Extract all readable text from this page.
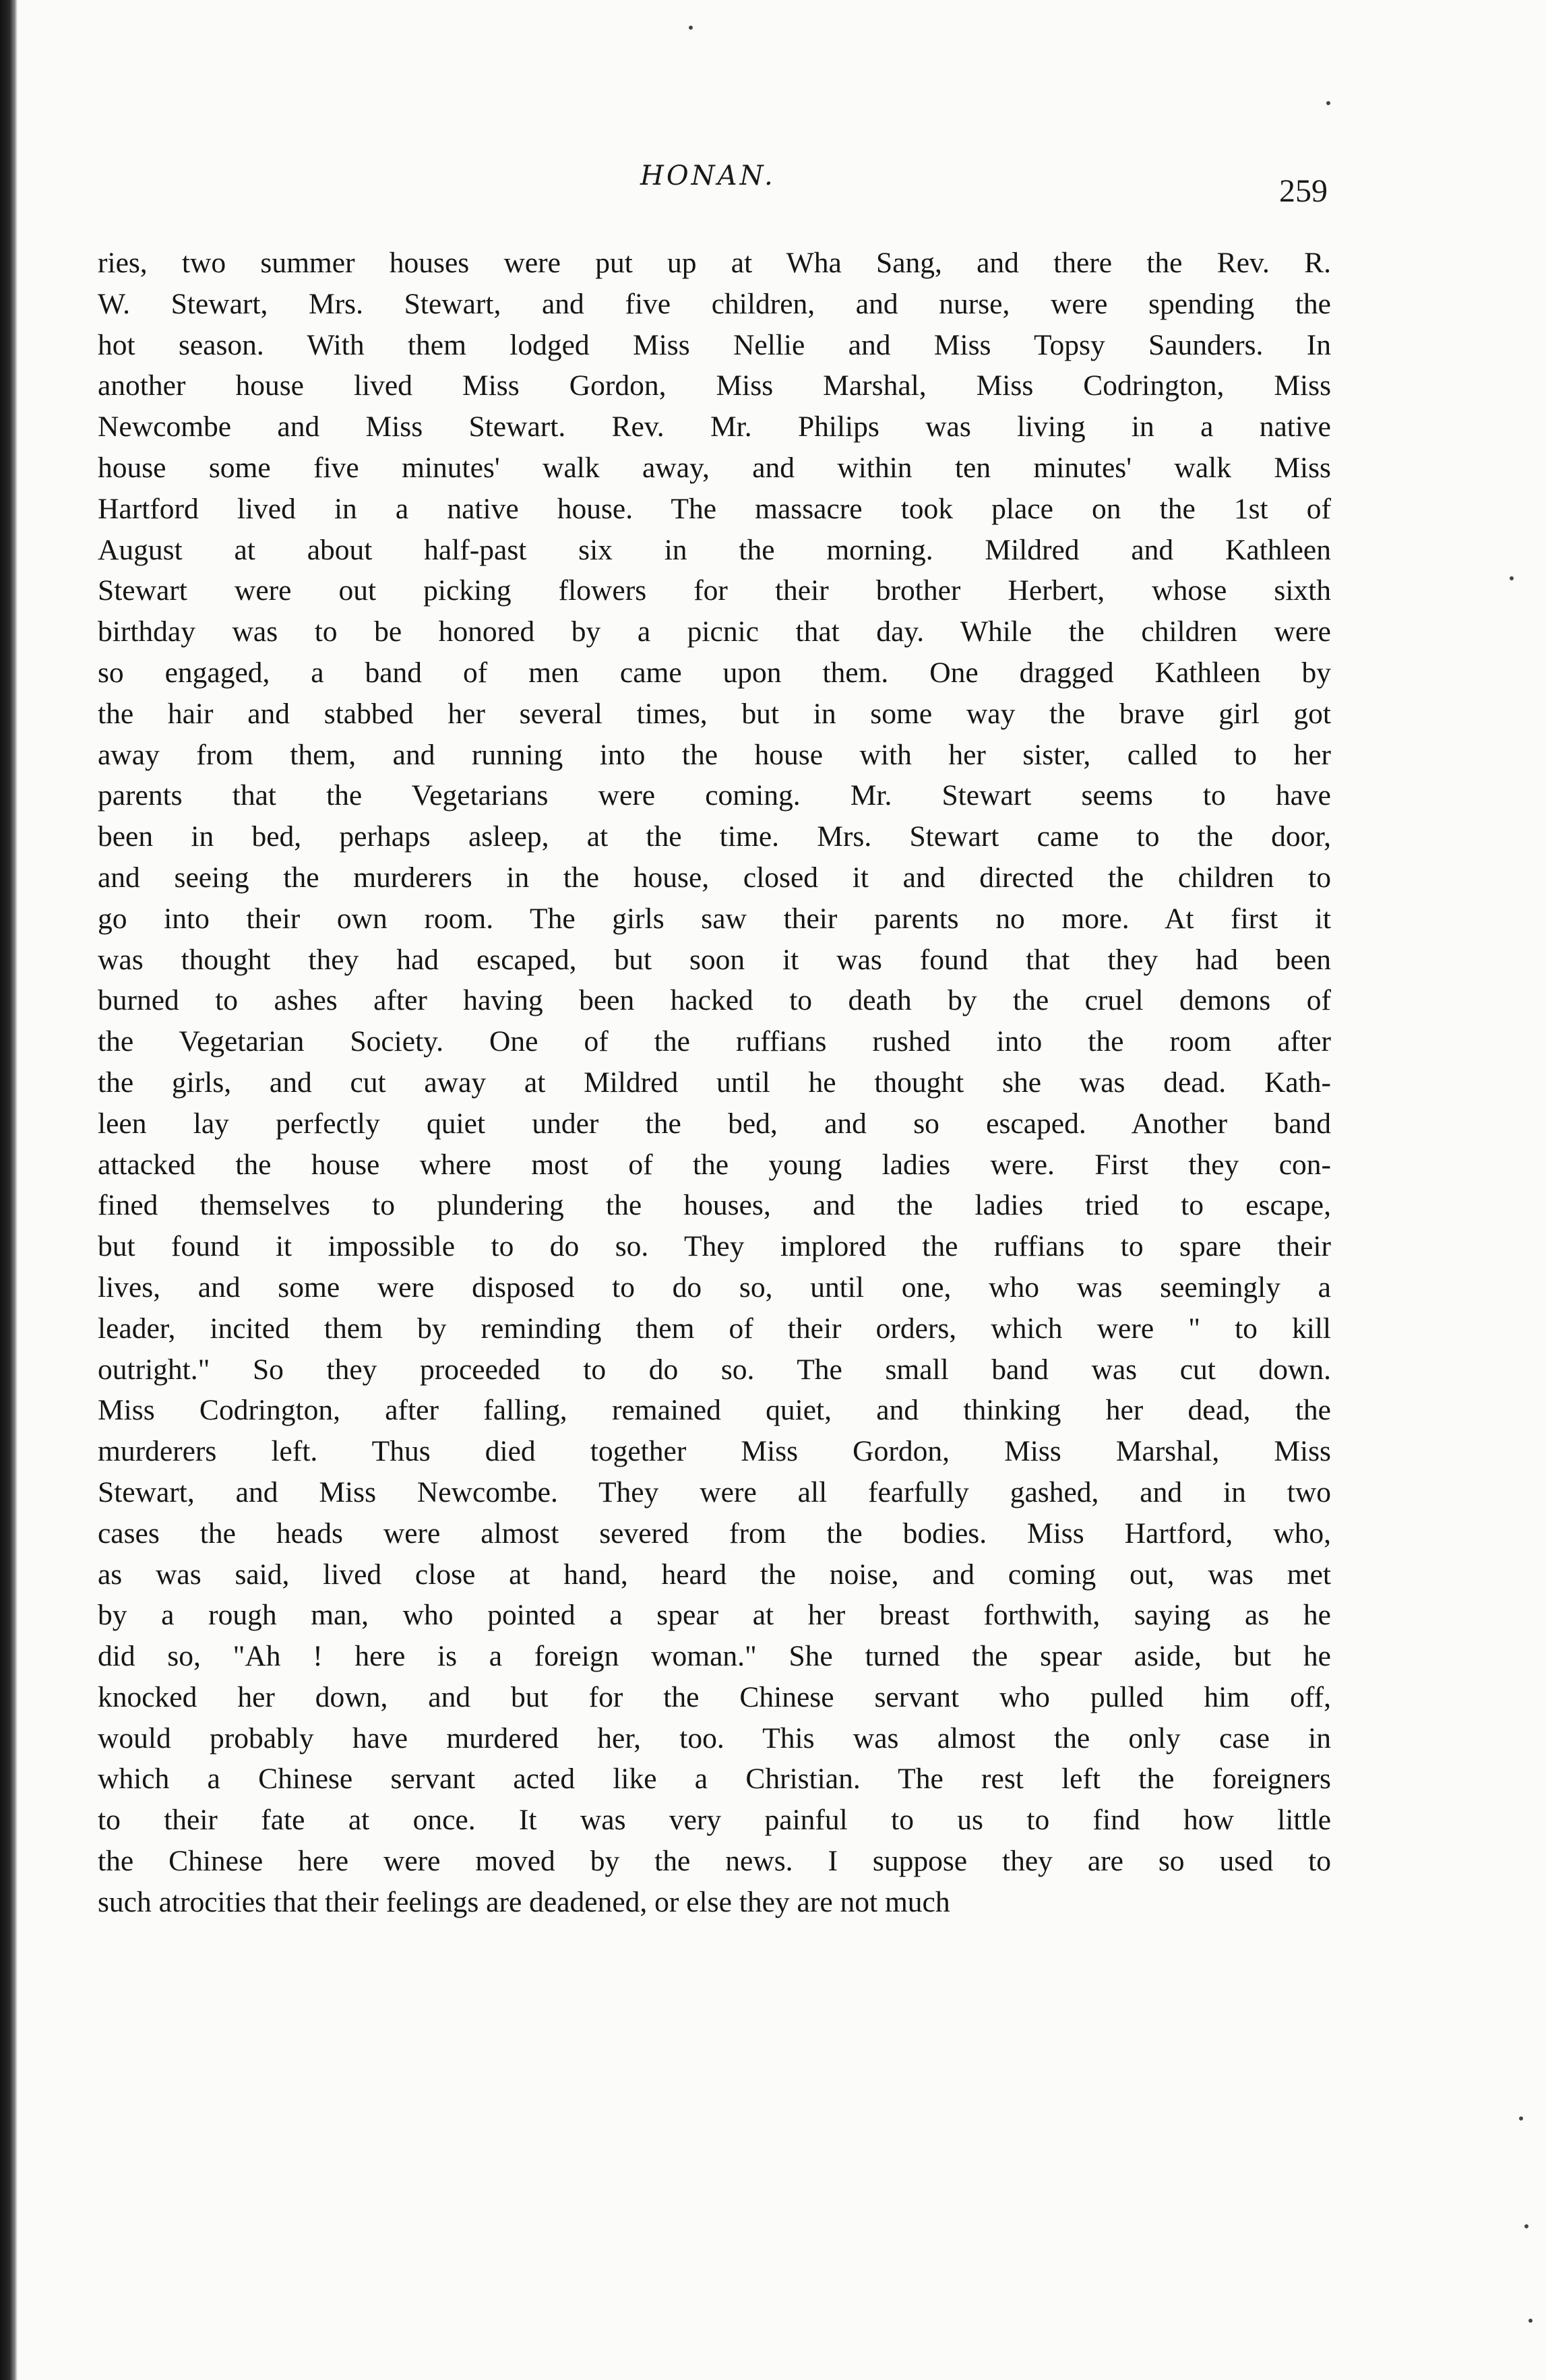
HONAN.	259
ries, two summer houses were put up at Wha Sang, and there the Rev. R.
W. Stewart, Mrs. Stewart, and five children, and nurse, were spending the
hot season. With them lodged Miss Nellie and Miss Topsy Saunders. In
another house lived Miss Gordon, Miss Marshal, Miss Codrington, Miss
Newcombe and Miss Stewart. Rev. Mr. Philips was living in a native
house some five minutes' walk away, and within ten minutes' walk Miss
Hartford lived in a native house. The massacre took place on the 1st of
August at about half-past six in the morning. Mildred and Kathleen
Stewart were out picking flowers for their brother Herbert, whose sixth
birthday was to be honored by a picnic that day. While the children were
so engaged, a band of men came upon them. One dragged Kathleen by
the hair and stabbed her several times, but in some way the brave girl got
away from them, and running into the house with her sister, called to her
parents that the Vegetarians were coming. Mr. Stewart seems to have
been in bed, perhaps asleep, at the time. Mrs. Stewart came to the door,
and seeing the murderers in the house, closed it and directed the children to
go into their own room. The girls saw their parents no more. At first it
was thought they had escaped, but soon it was found that they had been
burned to ashes after having been hacked to death by the cruel demons of
the Vegetarian Society. One of the ruffians rushed into the room after
the girls, and cut away at Mildred until he thought she was dead. Kath-
leen lay perfectly quiet under the bed, and so escaped. Another band
attacked the house where most of the young ladies were. First they con-
fined themselves to plundering the houses, and the ladies tried to escape,
but found it impossible to do so. They implored the ruffians to spare their
lives, and some were disposed to do so, until one, who was seemingly a
leader, incited them by reminding them of their orders, which were " to kill
outright." So they proceeded to do so. The small band was cut down.
Miss Codrington, after falling, remained quiet, and thinking her dead, the
murderers left. Thus died together Miss Gordon, Miss Marshal, Miss
Stewart, and Miss Newcombe. They were all fearfully gashed, and in two
cases the heads were almost severed from the bodies. Miss Hartford, who,
as was said, lived close at hand, heard the noise, and coming out, was met
by a rough man, who pointed a spear at her breast forthwith, saying as he
did so, "Ah ! here is a foreign woman." She turned the spear aside, but he
knocked her down, and but for the Chinese servant who pulled him off,
would probably have murdered her, too. This was almost the only case in
which a Chinese servant acted like a Christian. The rest left the foreigners
to their fate at once. It was very painful to us to find how little
the Chinese here were moved by the news. I suppose they are so used to
such atrocities that their feelings are deadened, or else they are not much
